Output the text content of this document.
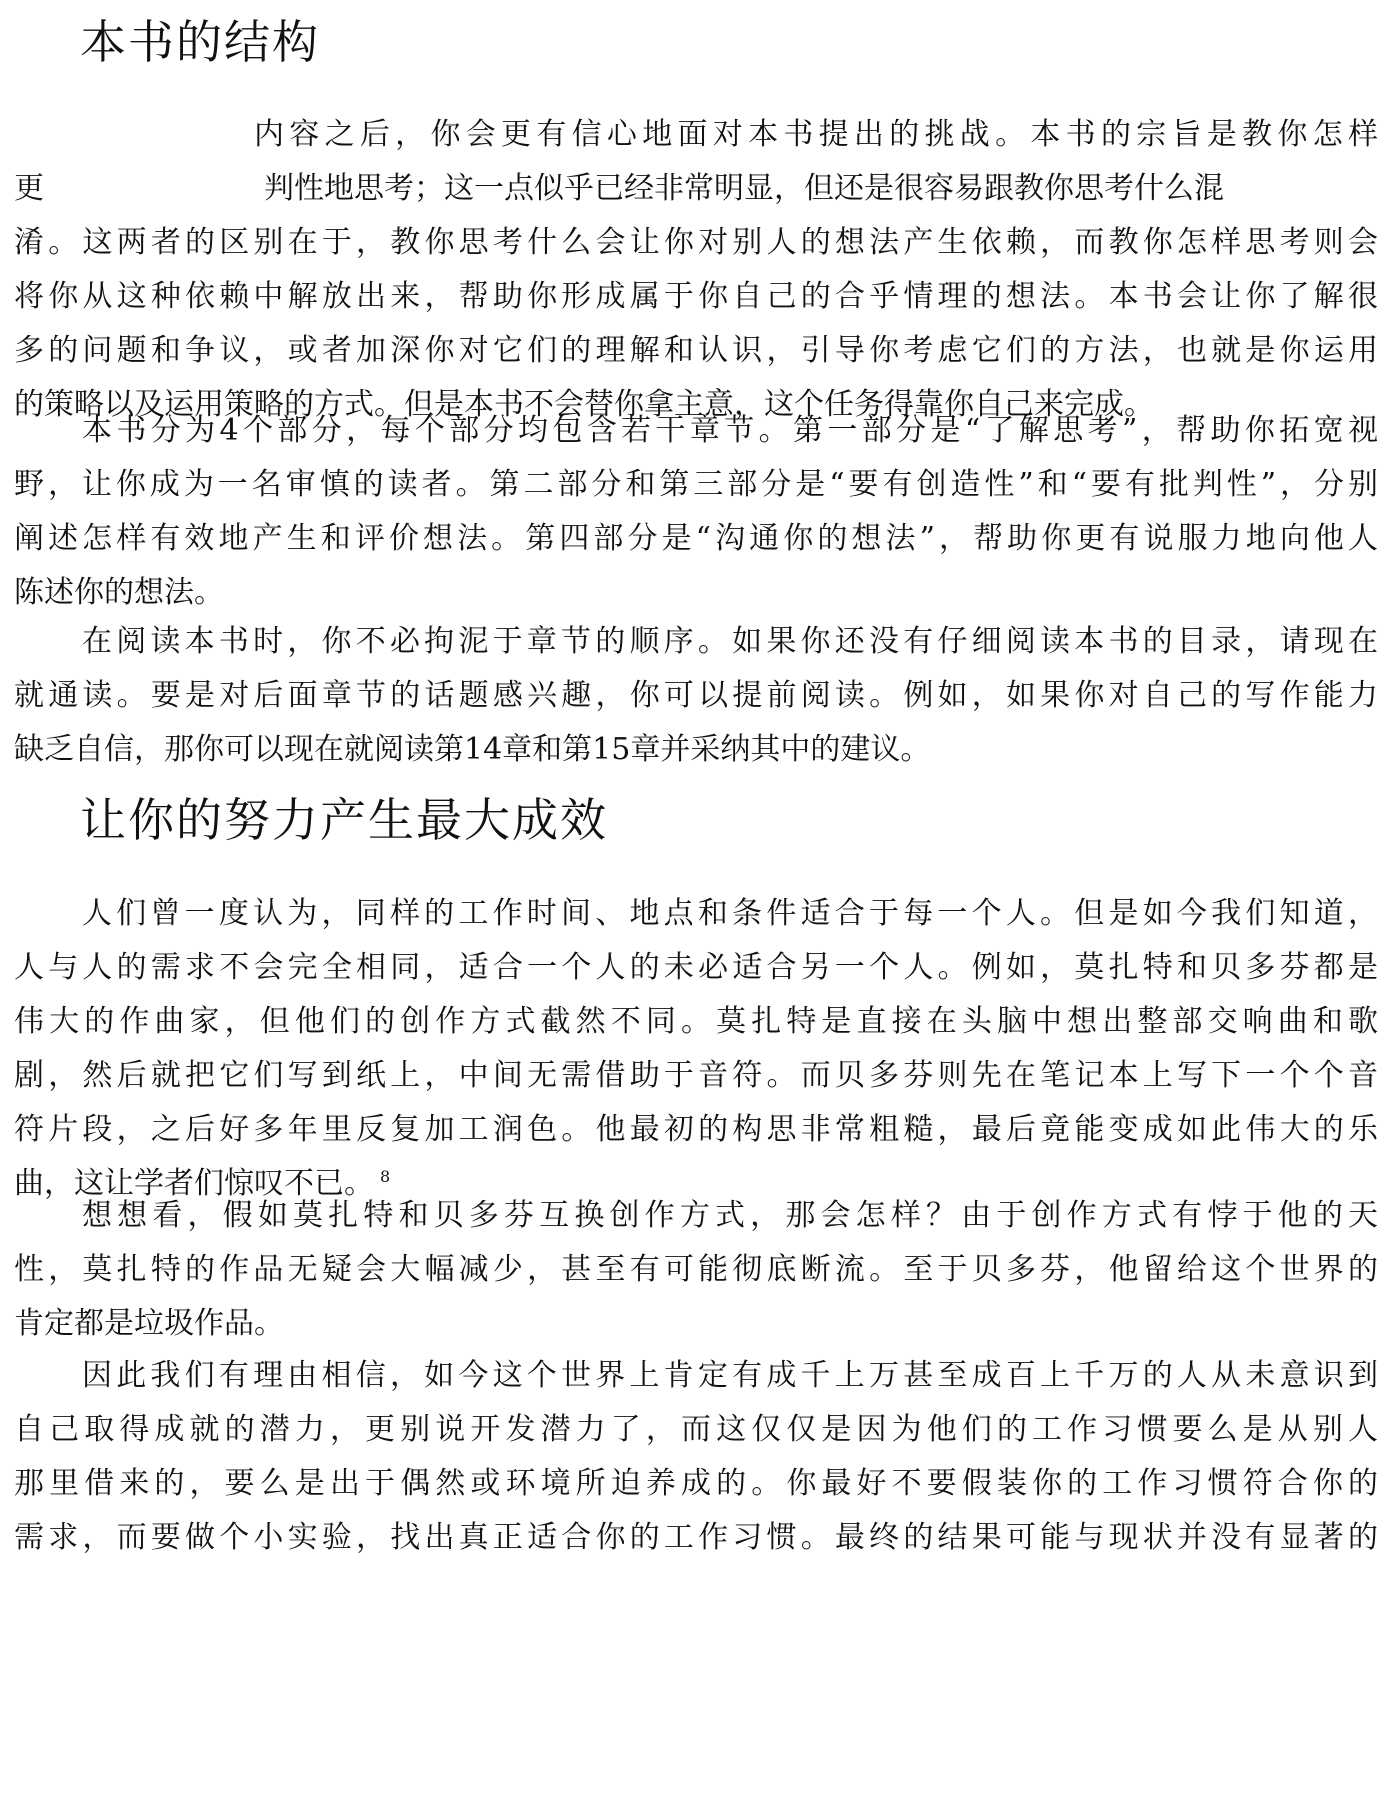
本书的结构
内容之后，你会更有信心地面对本书提出的挑战。本书的宗旨是教你怎样
更	判性地思考；这一点似乎已经非常明显，但还是很容易跟教你思考什么混
淆。这两者的区别在于，教你思考什么会让你对别人的想法产生依赖，而教你怎样思考则会
将你从这种依赖中解放出来，帮助你形成属于你自己的合乎情理的想法。本书会让你了解很
多的问题和争议，或者加深你对它们的理解和认识，引导你考虑它们的方法，也就是你运用
的策略以及运用策略的方式。但是本书不会替你拿主意，这个任务得靠你自己来完成。
本书分为4个部分，每个部分均包含若干章节。第一部分是“了解思考”，帮助你拓宽视
野，让你成为一名审慎的读者。第二部分和第三部分是“要有创造性”和“要有批判性”，分别
阐述怎样有效地产生和评价想法。第四部分是“沟通你的想法”，帮助你更有说服力地向他人
陈述你的想法。
在阅读本书时，你不必拘泥于章节的顺序。如果你还没有仔细阅读本书的目录，请现在
就通读。要是对后面章节的话题感兴趣，你可以提前阅读。例如，如果你对自己的写作能力
缺乏自信，那你可以现在就阅读第14章和第15章并采纳其中的建议。
让你的努力产生最大成效
人们曾一度认为，同样的工作时间、地点和条件适合于每一个人。但是如今我们知道，
人与人的需求不会完全相同，适合一个人的未必适合另一个人。例如，莫扎特和贝多芬都是
伟大的作曲家，但他们的创作方式截然不同。莫扎特是直接在头脑中想出整部交响曲和歌
剧，然后就把它们写到纸上，中间无需借助于音符。而贝多芬则先在笔记本上写下一个个音
符片段，之后好多年里反复加工润色。他最初的构思非常粗糙，最后竟能变成如此伟大的乐
曲，这让学者们惊叹不已。 $^8$
想想看，假如莫扎特和贝多芬互换创作方式，那会怎样？由于创作方式有悖于他的天
性，莫扎特的作品无疑会大幅减少，甚至有可能彻底断流。至于贝多芬，他留给这个世界的
肯定都是垃圾作品。
因此我们有理由相信，如今这个世界上肯定有成千上万甚至成百上千万的人从未意识到
自己取得成就的潜力，更别说开发潜力了，而这仅仅是因为他们的工作习惯要么是从别人
那里借来的，要么是出于偶然或环境所迫养成的。你最好不要假装你的工作习惯符合你的
需求，而要做个小实验，找出真正适合你的工作习惯。最终的结果可能与现状并没有显著的
